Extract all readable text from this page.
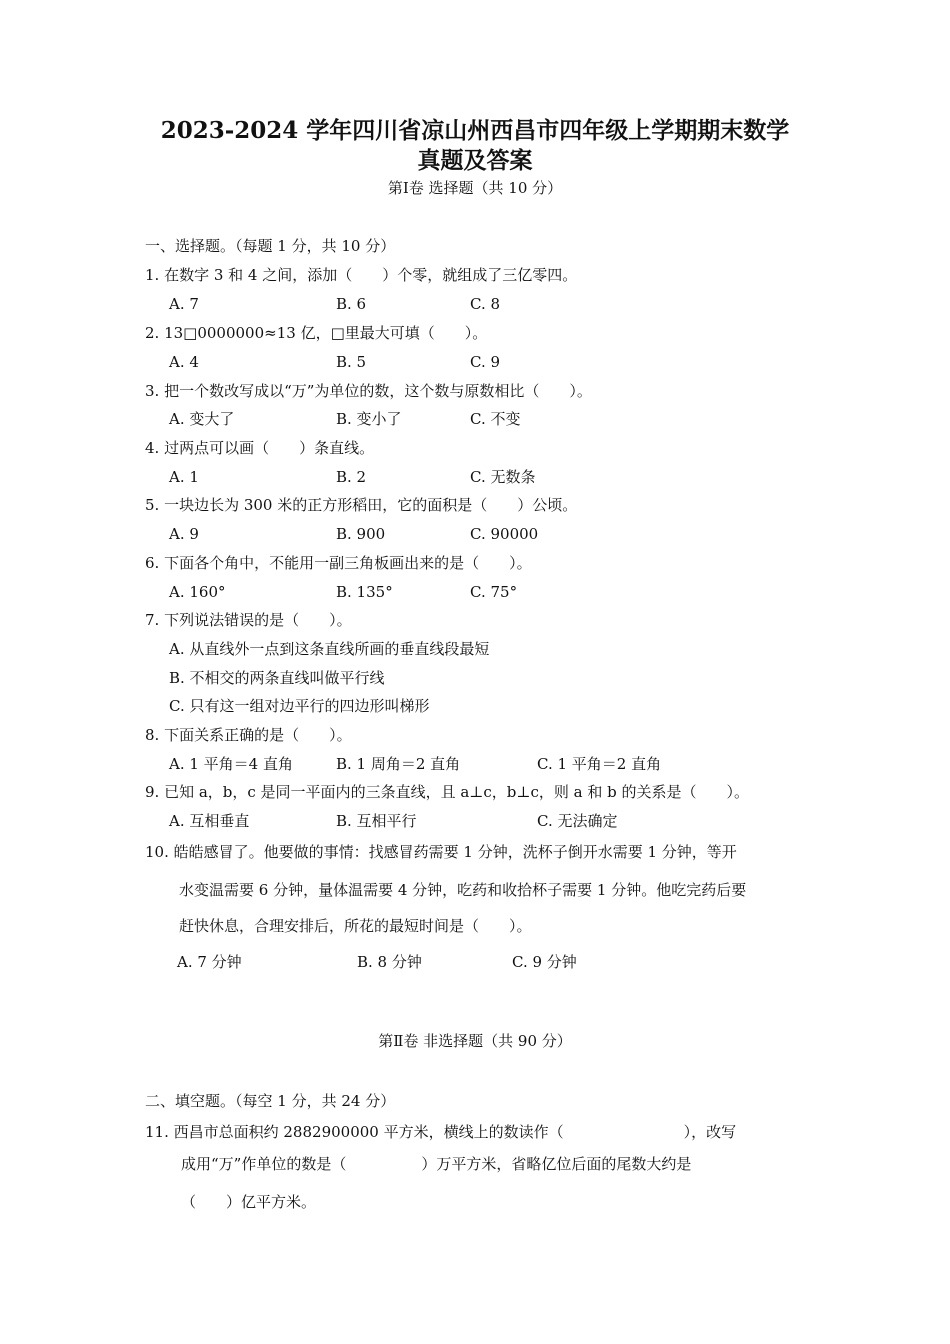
2023-2024 学年四川省凉山州西昌市四年级上学期期末数学
真题及答案
第Ⅰ卷 选择题（共 10 分）
一、选择题。（每题 1 分，共 10 分）
1. 在数字 3 和 4 之间，添加（　　）个零，就组成了三亿零四。
A. 7	B. 6	C. 8
2. 13□0000000≈13 亿，□里最大可填（　　）。
A. 4	B. 5	C. 9
3. 把一个数改写成以“万”为单位的数，这个数与原数相比（　　）。
A. 变大了	B. 变小了	C. 不变
4. 过两点可以画（　　）条直线。
A. 1	B. 2	C. 无数条
5. 一块边长为 300 米的正方形稻田，它的面积是（　　）公顷。
A. 9	B. 900	C. 90000
6. 下面各个角中，不能用一副三角板画出来的是（　　）。
A. 160°	B. 135°	C. 75°
7. 下列说法错误的是（　　）。
A. 从直线外一点到这条直线所画的垂直线段最短
B. 不相交的两条直线叫做平行线
C. 只有这一组对边平行的四边形叫梯形
8. 下面关系正确的是（　　）。
A. 1 平角＝4 直角	B. 1 周角＝2 直角	C. 1 平角＝2 直角
9. 已知 a，b，c 是同一平面内的三条直线，且 a⊥c，b⊥c，则 a 和 b 的关系是（　　）。
A. 互相垂直	B. 互相平行	C. 无法确定
10. 皓皓感冒了。他要做的事情：找感冒药需要 1 分钟，洗杯子倒开水需要 1 分钟，等开
水变温需要 6 分钟，量体温需要 4 分钟，吃药和收拾杯子需要 1 分钟。他吃完药后要
赶快休息，合理安排后，所花的最短时间是（　　）。
A. 7 分钟	B. 8 分钟	C. 9 分钟
第Ⅱ卷 非选择题（共 90 分）
二、填空题。（每空 1 分，共 24 分）
11. 西昌市总面积约 2882900000 平方米，横线上的数读作（　　　　　　　　），改写
成用“万”作单位的数是（　　　　　）万平方米，省略亿位后面的尾数大约是
（　　）亿平方米。
